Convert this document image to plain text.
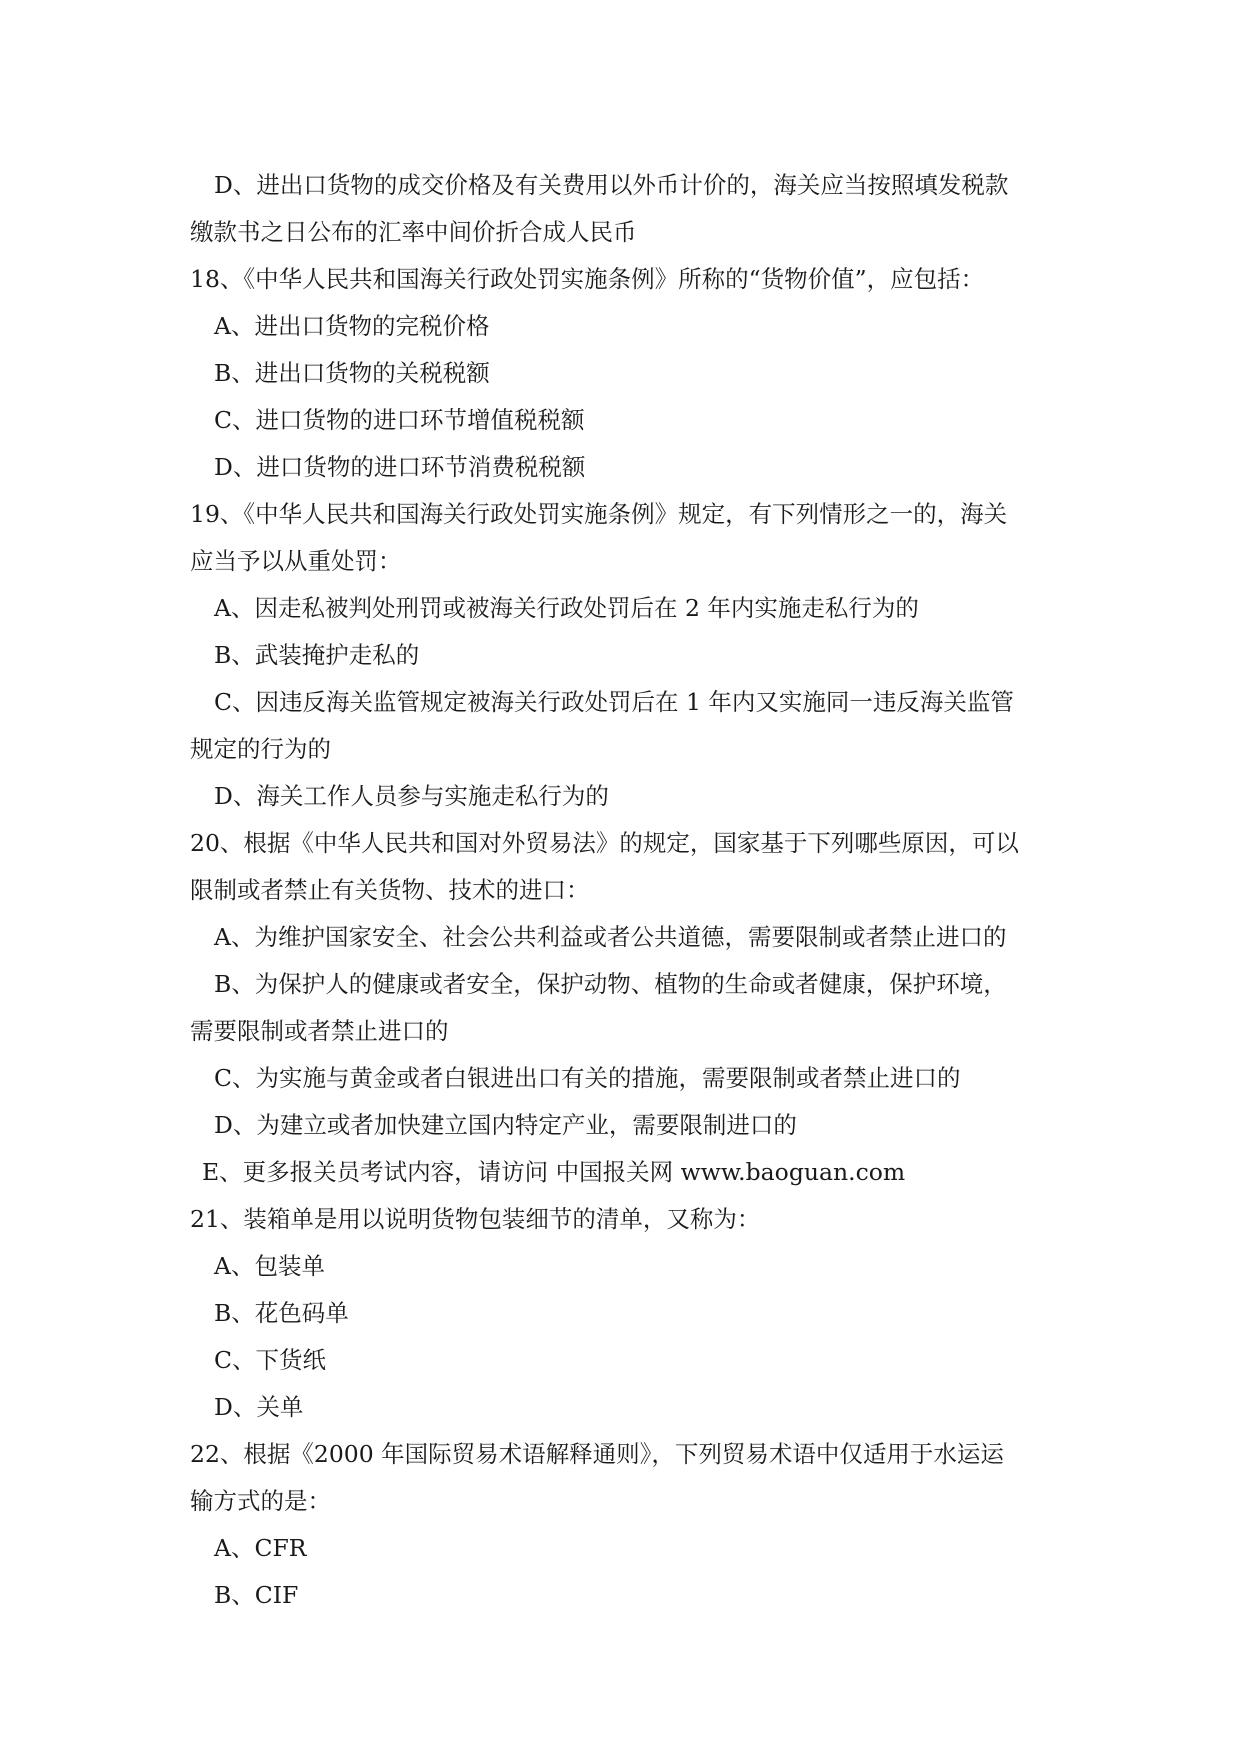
D、进出口货物的成交价格及有关费用以外币计价的，海关应当按照填发税款
缴款书之日公布的汇率中间价折合成人民币
18、《中华人民共和国海关行政处罚实施条例》所称的“货物价值”，应包括：
A、进出口货物的完税价格
B、进出口货物的关税税额
C、进口货物的进口环节增值税税额
D、进口货物的进口环节消费税税额
19、《中华人民共和国海关行政处罚实施条例》规定，有下列情形之一的，海关
应当予以从重处罚：
A、因走私被判处刑罚或被海关行政处罚后在 2 年内实施走私行为的
B、武装掩护走私的
C、因违反海关监管规定被海关行政处罚后在 1 年内又实施同一违反海关监管
规定的行为的
D、海关工作人员参与实施走私行为的
20、根据《中华人民共和国对外贸易法》的规定，国家基于下列哪些原因，可以
限制或者禁止有关货物、技术的进口：
A、为维护国家安全、社会公共利益或者公共道德，需要限制或者禁止进口的
B、为保护人的健康或者安全，保护动物、植物的生命或者健康，保护环境，
需要限制或者禁止进口的
C、为实施与黄金或者白银进出口有关的措施，需要限制或者禁止进口的
D、为建立或者加快建立国内特定产业，需要限制进口的
E、更多报关员考试内容，请访问 中国报关网 www.baoguan.com
21、装箱单是用以说明货物包装细节的清单，又称为：
A、包装单
B、花色码单
C、下货纸
D、关单
22、根据《2000 年国际贸易术语解释通则》，下列贸易术语中仅适用于水运运
输方式的是：
A、CFR
B、CIF
